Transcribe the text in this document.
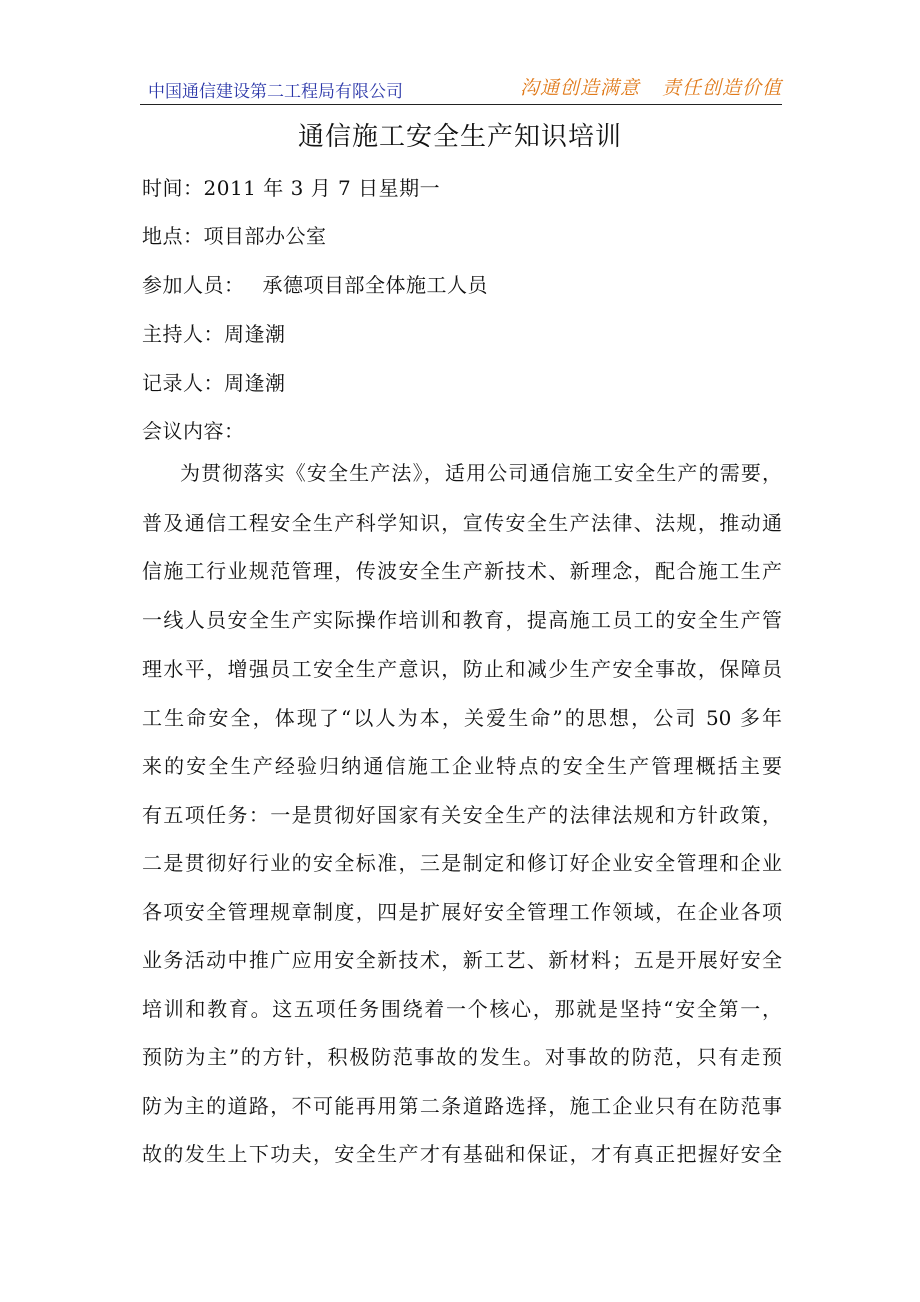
中国通信建设第二工程局有限公司	沟通创造满意 责任创造价值
通信施工安全生产知识培训
时间：2011 年 3 月 7 日星期一
地点：项目部办公室
参加人员： 承德项目部全体施工人员
主持人：周逢潮
记录人：周逢潮
会议内容：
为贯彻落实《安全生产法》，适用公司通信施工安全生产的需要，
普及通信工程安全生产科学知识，宣传安全生产法律、法规，推动通
信施工行业规范管理，传波安全生产新技术、新理念，配合施工生产
一线人员安全生产实际操作培训和教育，提高施工员工的安全生产管
理水平，增强员工安全生产意识，防止和减少生产安全事故，保障员
工生命安全，体现了“以人为本，关爱生命”的思想，公司 50 多年
来的安全生产经验归纳通信施工企业特点的安全生产管理概括主要
有五项任务：一是贯彻好国家有关安全生产的法律法规和方针政策，
二是贯彻好行业的安全标准，三是制定和修订好企业安全管理和企业
各项安全管理规章制度，四是扩展好安全管理工作领域，在企业各项
业务活动中推广应用安全新技术，新工艺、新材料；五是开展好安全
培训和教育。这五项任务围绕着一个核心，那就是坚持“安全第一，
预防为主”的方针，积极防范事故的发生。对事故的防范，只有走预
防为主的道路，不可能再用第二条道路选择，施工企业只有在防范事
故的发生上下功夫，安全生产才有基础和保证，才有真正把握好安全
